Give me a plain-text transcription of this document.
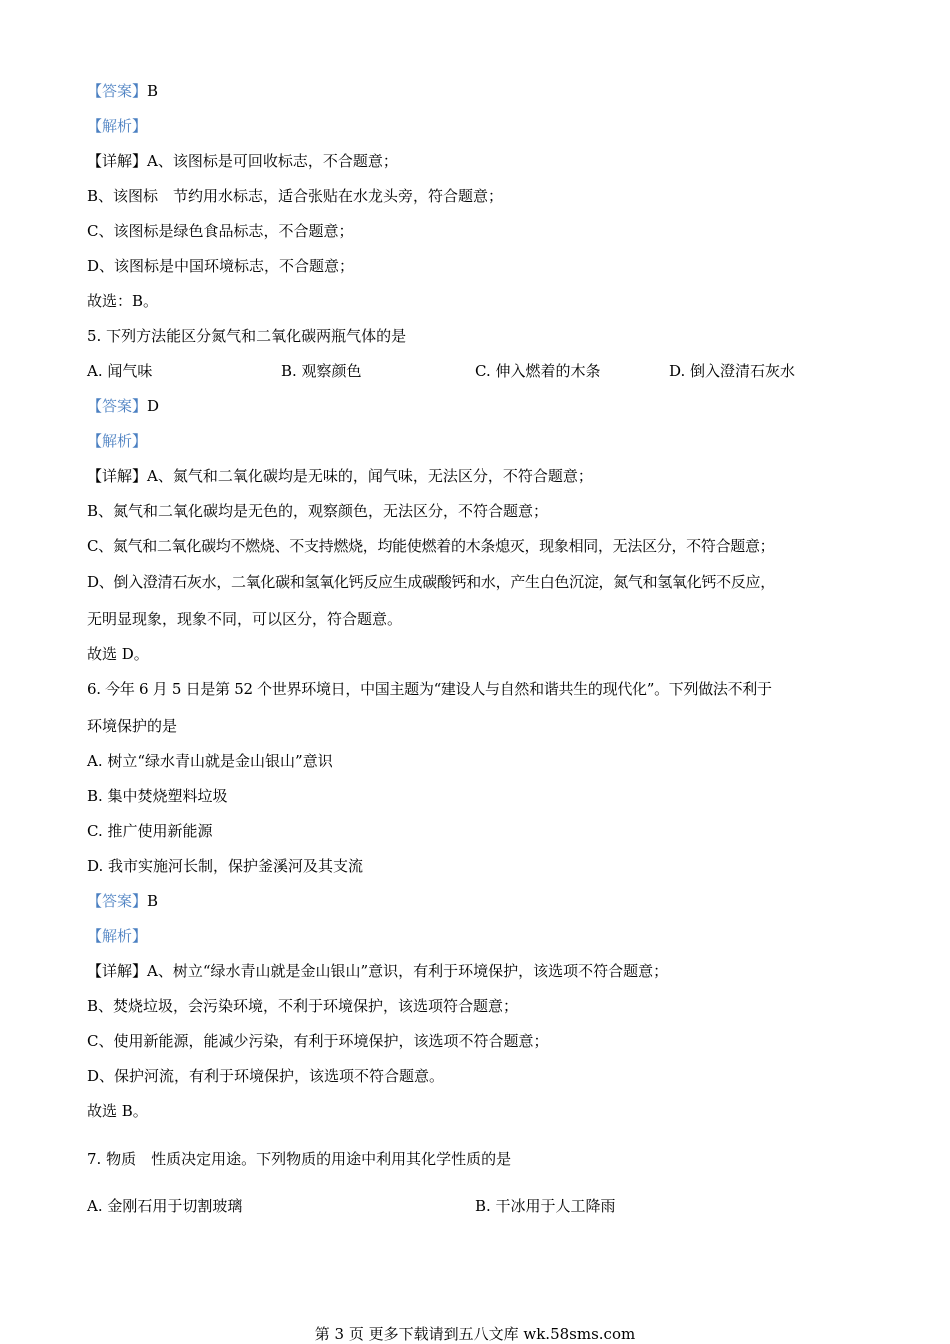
【答案】B
【解析】
【详解】A、该图标是可回收标志，不合题意；
B、该图标　节约用水标志，适合张贴在水龙头旁，符合题意；
C、该图标是绿色食品标志，不合题意；
D、该图标是中国环境标志，不合题意；
故选：B。
5. 下列方法能区分氮气和二氧化碳两瓶气体的是
A. 闻气味	B. 观察颜色	C. 伸入燃着的木条	D. 倒入澄清石灰水
【答案】D
【解析】
【详解】A、氮气和二氧化碳均是无味的，闻气味，无法区分，不符合题意；
B、氮气和二氧化碳均是无色的，观察颜色，无法区分，不符合题意；
C、氮气和二氧化碳均不燃烧、不支持燃烧，均能使燃着的木条熄灭，现象相同，无法区分，不符合题意；
D、倒入澄清石灰水，二氧化碳和氢氧化钙反应生成碳酸钙和水，产生白色沉淀，氮气和氢氧化钙不反应，
无明显现象，现象不同，可以区分，符合题意。
故选 D。
6. 今年 6 月 5 日是第 52 个世界环境日，中国主题为“建设人与自然和谐共生的现代化”。下列做法不利于
环境保护的是
A. 树立“绿水青山就是金山银山”意识
B. 集中焚烧塑料垃圾
C. 推广使用新能源
D. 我市实施河长制，保护釜溪河及其支流
【答案】B
【解析】
【详解】A、树立“绿水青山就是金山银山”意识，有利于环境保护，该选项不符合题意；
B、焚烧垃圾，会污染环境，不利于环境保护，该选项符合题意；
C、使用新能源，能减少污染，有利于环境保护，该选项不符合题意；
D、保护河流，有利于环境保护，该选项不符合题意。
故选 B。
7. 物质　性质决定用途。下列物质的用途中利用其化学性质的是
A. 金刚石用于切割玻璃	B. 干冰用于人工降雨
第 3 页 更多下载请到五八文库 wk.58sms.com
